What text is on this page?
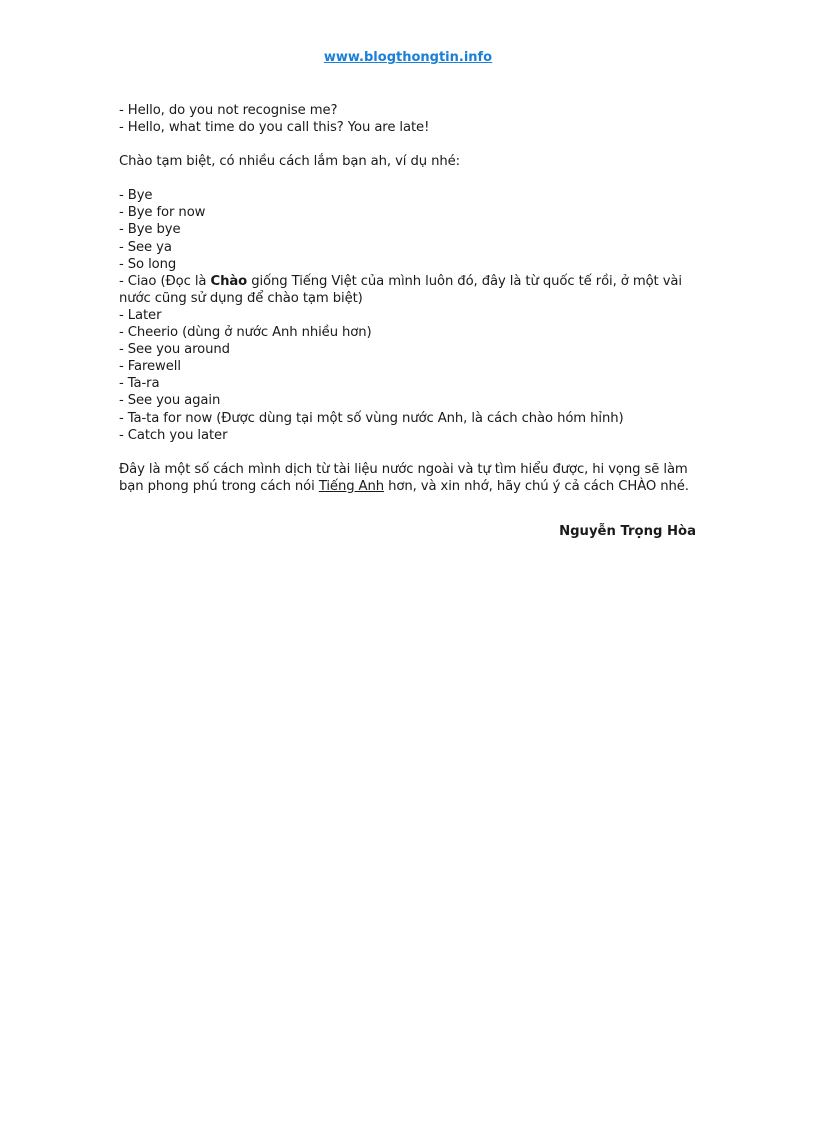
www.blogthongtin.info
- Hello, do you not recognise me?
- Hello, what time do you call this? You are late!
Chào tạm biệt, có nhiều cách lắm bạn ah, ví dụ nhé:
- Bye
- Bye for now
- Bye bye
- See ya
- So long
- Ciao (Đọc là Chào giống Tiếng Việt của mình luôn đó, đây là từ quốc tế rồi, ở một vài nước cũng sử dụng để chào tạm biệt)
- Later
- Cheerio (dùng ở nước Anh nhiều hơn)
- See you around
- Farewell
- Ta-ra
- See you again
- Ta-ta for now (Được dùng tại một số vùng nước Anh, là cách chào hóm hỉnh)
- Catch you later
Đây là một số cách mình dịch từ tài liệu nước ngoài và tự tìm hiểu được, hi vọng sẽ làm bạn phong phú trong cách nói Tiếng Anh hơn, và xin nhớ, hãy chú ý cả cách CHÀO nhé.
Nguyễn Trọng Hòa
